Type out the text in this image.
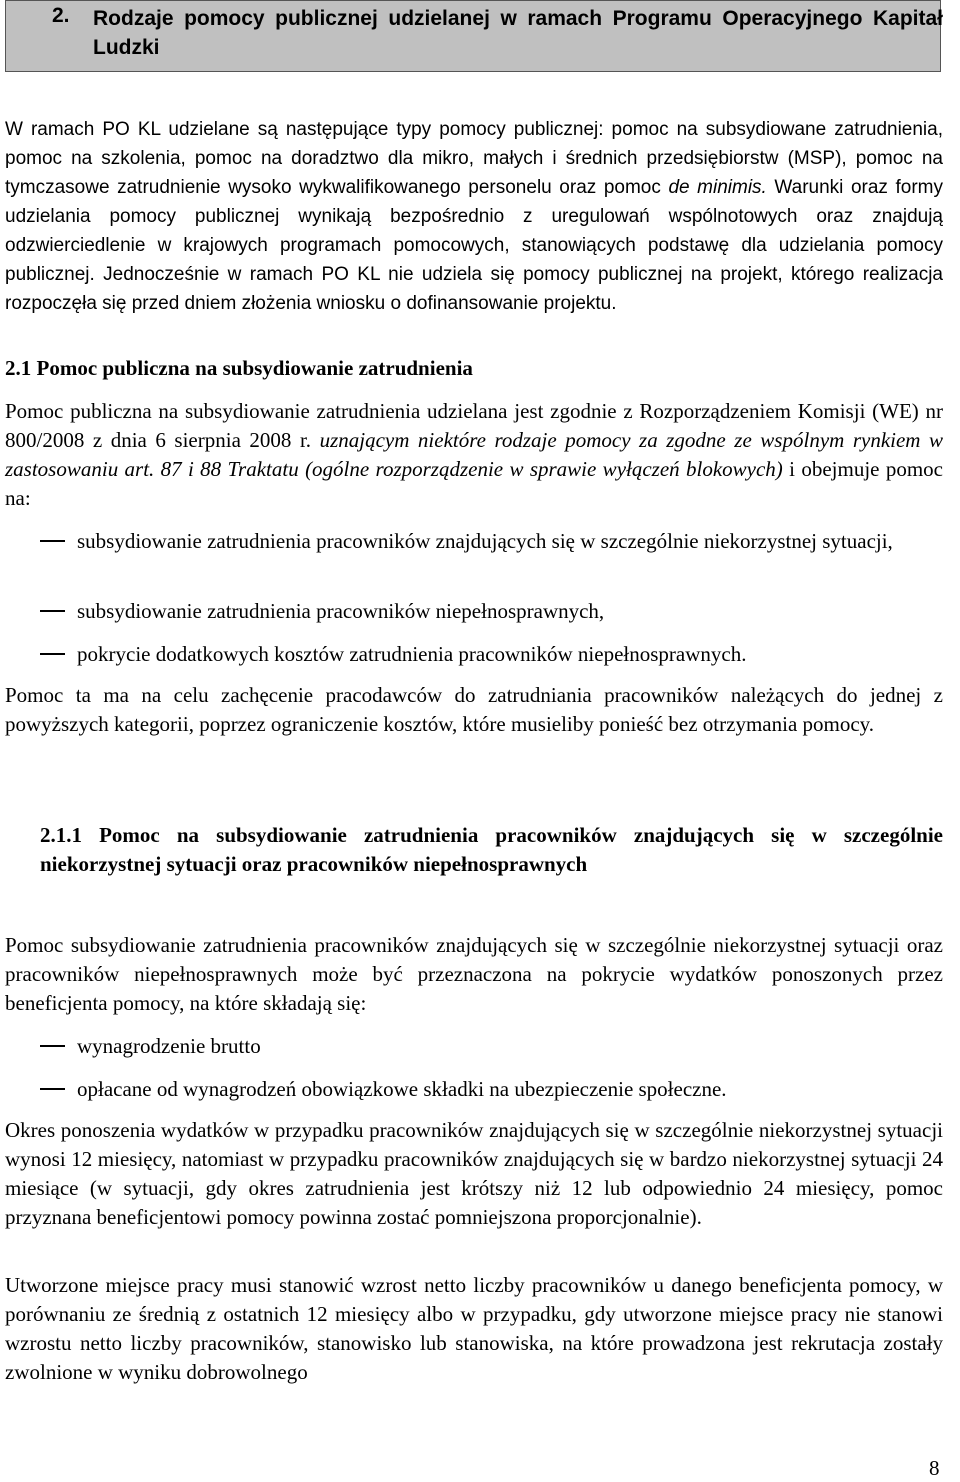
2. Rodzaje pomocy publicznej udzielanej w ramach Programu Operacyjnego Kapitał Ludzki
W ramach PO KL udzielane są następujące typy pomocy publicznej: pomoc na subsydiowane zatrudnienia, pomoc na szkolenia, pomoc na doradztwo dla mikro, małych i średnich przedsiębiorstw (MSP), pomoc na tymczasowe zatrudnienie wysoko wykwalifikowanego personelu oraz pomoc de minimis. Warunki oraz formy udzielania pomocy publicznej wynikają bezpośrednio z uregulowań wspólnotowych oraz znajdują odzwierciedlenie w krajowych programach pomocowych, stanowiących podstawę dla udzielania pomocy publicznej. Jednocześnie w ramach PO KL nie udziela się pomocy publicznej na projekt, którego realizacja rozpoczęła się przed dniem złożenia wniosku o dofinansowanie projektu.
2.1 Pomoc publiczna na subsydiowanie zatrudnienia
Pomoc publiczna na subsydiowanie zatrudnienia udzielana jest zgodnie z Rozporządzeniem Komisji (WE) nr 800/2008 z dnia 6 sierpnia 2008 r. uznającym niektóre rodzaje pomocy za zgodne ze wspólnym rynkiem w zastosowaniu art. 87 i 88 Traktatu (ogólne rozporządzenie w sprawie wyłączeń blokowych) i obejmuje pomoc na:
subsydiowanie zatrudnienia pracowników znajdujących się w szczególnie niekorzystnej sytuacji,
subsydiowanie zatrudnienia pracowników niepełnosprawnych,
pokrycie dodatkowych kosztów zatrudnienia pracowników niepełnosprawnych.
Pomoc ta ma na celu zachęcenie pracodawców do zatrudniania pracowników należących do jednej z powyższych kategorii, poprzez ograniczenie kosztów, które musieliby ponieść bez otrzymania pomocy.
2.1.1 Pomoc na subsydiowanie zatrudnienia pracowników znajdujących się w szczególnie niekorzystnej sytuacji oraz pracowników niepełnosprawnych
Pomoc subsydiowanie zatrudnienia pracowników znajdujących się w szczególnie niekorzystnej sytuacji oraz pracowników niepełnosprawnych może być przeznaczona na pokrycie wydatków ponoszonych przez beneficjenta pomocy, na które składają się:
wynagrodzenie brutto
opłacane od wynagrodzeń obowiązkowe składki na ubezpieczenie społeczne.
Okres ponoszenia wydatków w przypadku pracowników znajdujących się w szczególnie niekorzystnej sytuacji wynosi 12 miesięcy, natomiast w przypadku pracowników znajdujących się w bardzo niekorzystnej sytuacji 24 miesiące (w sytuacji, gdy okres zatrudnienia jest krótszy niż 12 lub odpowiednio 24 miesięcy, pomoc przyznana beneficjentowi pomocy powinna zostać pomniejszona proporcjonalnie).
Utworzone miejsce pracy musi stanowić wzrost netto liczby pracowników u danego beneficjenta pomocy, w porównaniu ze średnią z ostatnich 12 miesięcy albo w przypadku, gdy utworzone miejsce pracy nie stanowi wzrostu netto liczby pracowników, stanowisko lub stanowiska, na które prowadzona jest rekrutacja zostały zwolnione w wyniku dobrowolnego
8
